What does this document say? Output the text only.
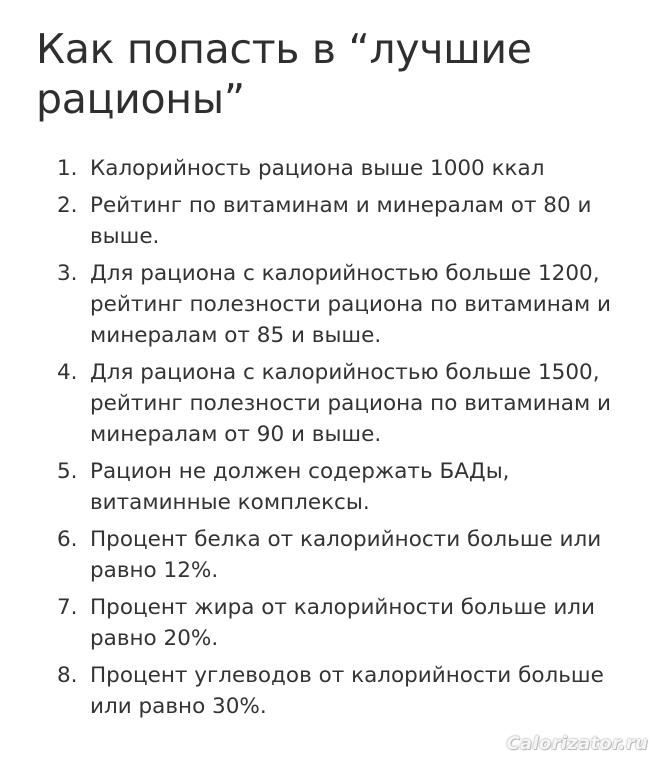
Как попасть в “лучшие рационы”
1. Калорийность рациона выше 1000 ккал
2. Рейтинг по витаминам и минералам от 80 и выше.
3. Для рациона с калорийностью больше 1200, рейтинг полезности рациона по витаминам и минералам от 85 и выше.
4. Для рациона с калорийностью больше 1500, рейтинг полезности рациона по витаминам и минералам от 90 и выше.
5. Рацион не должен содержать БАДы, витаминные комплексы.
6. Процент белка от калорийности больше или равно 12%.
7. Процент жира от калорийности больше или равно 20%.
8. Процент углеводов от калорийности больше или равно 30%.
Calorizator.ru
